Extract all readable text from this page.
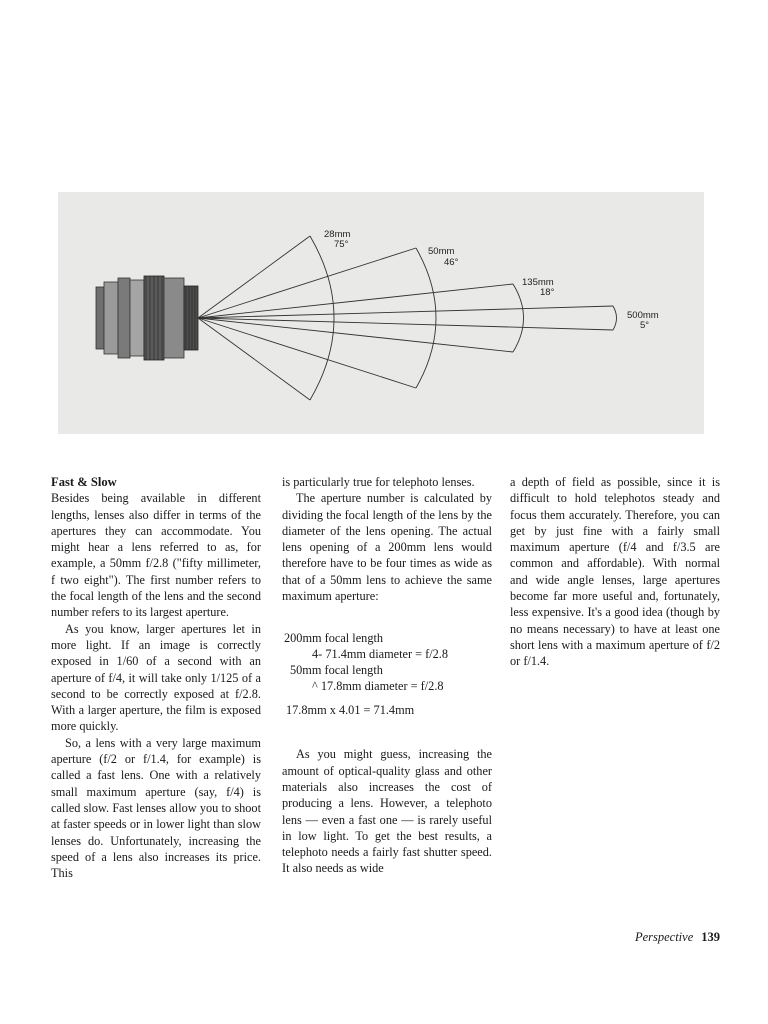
28mm
75°
50mm
46°
135mm
18°
500mm
5°

Fast & Slow

Besides being available in different lengths, lenses also differ in terms of the apertures they can accommodate. You might hear a lens referred to as, for example, a 50mm f/2.8 ("fifty millimeter, f two eight"). The first number refers to the focal length of the lens and the second number refers to its largest aperture.

As you know, larger apertures let in more light. If an image is correctly exposed in 1/60 of a second with an aperture of f/4, it will take only 1/125 of a second to be correctly exposed at f/2.8. With a larger aperture, the film is exposed more quickly.

So, a lens with a very large maximum aperture (f/2 or f/1.4, for example) is called a fast lens. One with a relatively small maximum aperture (say, f/4) is called slow. Fast lenses allow you to shoot at faster speeds or in lower light than slow lenses do. Unfortunately, increasing the speed of a lens also increases its price. This

is particularly true for telephoto lenses.

The aperture number is calculated by dividing the focal length of the lens by the diameter of the lens opening. The actual lens opening of a 200mm lens would therefore have to be four times as wide as that of a 50mm lens to achieve the same maximum aperture:

200mm focal length
4- 71.4mm diameter = f/2.8
50mm focal length
^ 17.8mm diameter = f/2.8
17.8mm x 4.01 = 71.4mm

As you might guess, increasing the amount of optical-quality glass and other materials also increases the cost of producing a lens. However, a telephoto lens — even a fast one — is rarely useful in low light. To get the best results, a telephoto needs a fairly fast shutter speed. It also needs as wide

a depth of field as possible, since it is difficult to hold telephotos steady and focus them accurately. Therefore, you can get by just fine with a fairly small maximum aperture (f/4 and f/3.5 are common and affordable). With normal and wide angle lenses, large apertures become far more useful and, fortunately, less expensive. It's a good idea (though by no means necessary) to have at least one short lens with a maximum aperture of f/2 or f/1.4.

Perspective 139
